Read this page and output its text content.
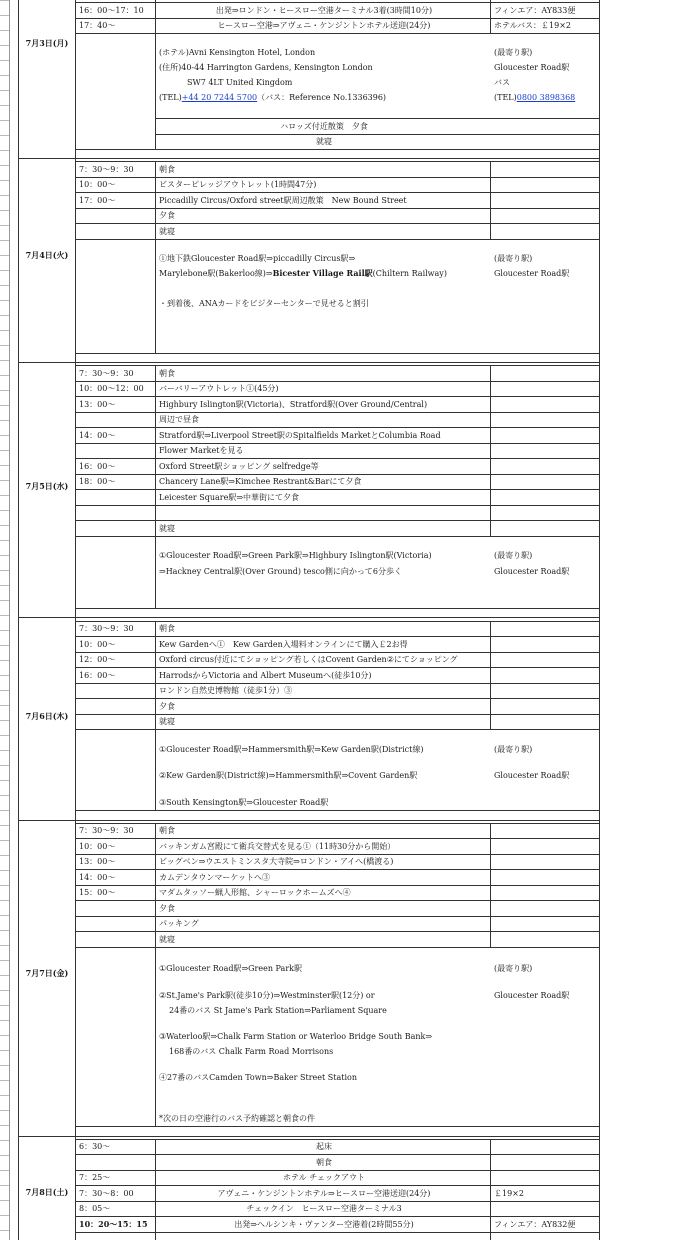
7月3日(月)
16：00〜17：10	出発⇒ロンドン・ヒースロー空港ターミナル3着(3時間10分)	フィンエア：AY833便
17：40〜	ヒースロー空港⇒アヴェニ・ケンジントンホテル送迎(24分)	ホテルバス：￡19×2
(ホテル)Avni Kensington Hotel, London	(最寄り駅)
(住所)40-44 Harrington Gardens, Kensington London	Gloucester Road駅
SW7 4LT United Kingdom	バス
(TEL)+44 20 7244 5700（バス：Reference No.1336396)	(TEL)0800 3898368
ハロッズ付近散策　夕食
就寝
7月4日(火)
7：30〜9：30	朝食
10：00〜	ビスターピレッジアウトレット(1時間47分)
17：00〜	Piccadilly Circus/Oxford street駅周辺散策　New Bound Street
夕食
就寝
①地下鉄Gloucester Road駅⇒piccadilly Circus駅⇒	(最寄り駅)
Marylebone駅(Bakerloo線)⇒Bicester Village Rail駅(Chiltern Railway)	Gloucester Road駅
・到着後、ANAカードをビジターセンターで見せると割引
7月5日(水)
7：30〜9：30	朝食
10：00〜12：00	バーバリーアウトレット①(45分)
13：00〜	Highbury Islington駅(Victoria)、Stratford駅(Over Ground/Central)
周辺で昼食
14：00〜	Stratford駅⇒Liverpool Street駅のSpitalfields MarketとColumbia Road
Flower Marketを見る
16：00〜	Oxford Street駅ショッピング selfredge等
18：00〜	Chancery Lane駅⇒Kimchee Restrant&Barにて夕食
Leicester Square駅⇒中華街にて夕食
就寝
①Gloucester Road駅⇒Green Park駅⇒Highbury Islington駅(Victoria)	(最寄り駅)
⇒Hackney Central駅(Over Ground) tesco側に向かって6分歩く	Gloucester Road駅
7月6日(木)
7：30〜9：30	朝食
10：00〜	Kew Gardenへ①　Kew Garden入場料オンラインにて購入￡2お得
12：00〜	Oxford circus付近にてショッピング若しくはCovent Garden②にてショッピング
16：00〜	HarrodsからVictoria and Albert Museumへ(徒歩10分)
ロンドン自然史博物館（徒歩1分）③
夕食
就寝
①Gloucester Road駅⇒Hammersmith駅⇒Kew Garden駅(District線)	(最寄り駅)
②Kew Garden駅(District線)⇒Hammersmith駅⇒Covent Garden駅	Gloucester Road駅
③South Kensington駅⇒Gloucester Road駅
7月7日(金)
7：30〜9：30	朝食
10：00〜	バッキンガム宮殿にて衛兵交替式を見る①（11時30分から開始）
13：00〜	ビッグベン⇒ウエストミンスタ大寺院⇒ロンドン・アイへ(橋渡る)
14：00〜	カムデンタウンマーケットへ③
15：00〜	マダムタッソー蝋人形館、シャーロックホームズへ④
夕食
パッキング
就寝
①Gloucester Road駅⇒Green Park駅	(最寄り駅)
②St.Jame's Park駅(徒歩10分)⇒Westminster駅(12分) or	Gloucester Road駅
24番のバス St Jame's Park Station⇒Parliament Square
③Waterloo駅⇒Chalk Farm Station or Waterloo Bridge South Bank⇒
168番のバス Chalk Farm Road Morrisons
④27番のバスCamden Town⇒Baker Street Station
*次の日の空港行のバス予約確認と朝食の件
7月8日(土)
6：30〜	起床
朝食
7：25〜	ホテル チェックアウト
7：30〜8：00	アヴェニ・ケンジントンホテル⇒ヒースロー空港送迎(24分)	￡19×2
8：05〜	チェックイン　ヒースロー空港ターミナル3
10：20〜15：15	出発⇒ヘルシンキ・ヴァンター空港着(2時間55分)	フィンエア：AY832便
